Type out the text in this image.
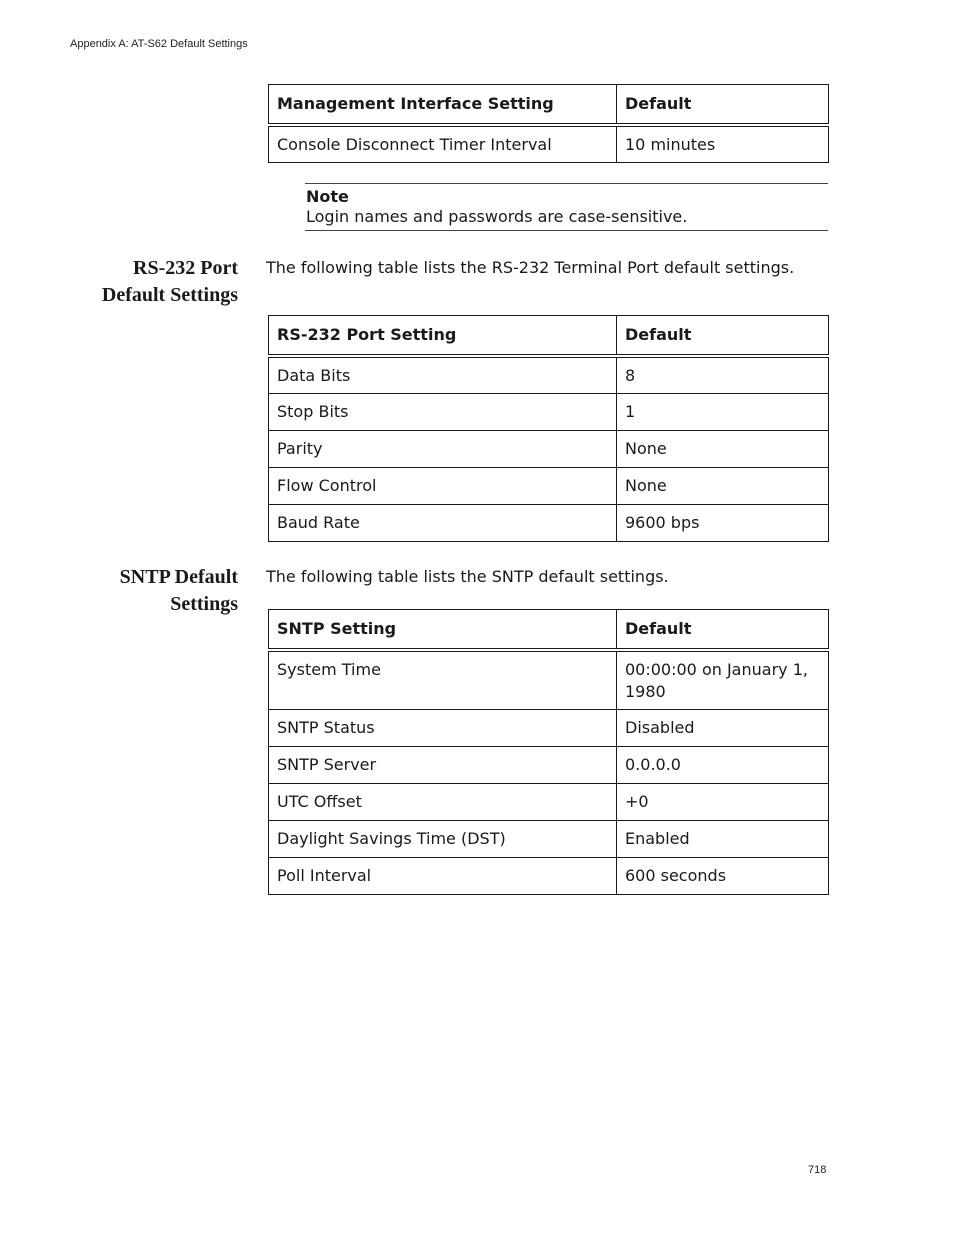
Appendix A: AT-S62 Default Settings
Management Interface Setting	Default
Console Disconnect Timer Interval	10 minutes
Note
Login names and passwords are case-sensitive.
RS-232 Port
Default Settings
The following table lists the RS-232 Terminal Port default settings.
RS-232 Port Setting	Default
Data Bits	8
Stop Bits	1
Parity	None
Flow Control	None
Baud Rate	9600 bps
SNTP Default
Settings
The following table lists the SNTP default settings.
SNTP Setting	Default
System Time	00:00:00 on January 1, 1980
SNTP Status	Disabled
SNTP Server	0.0.0.0
UTC Offset	+0
Daylight Savings Time (DST)	Enabled
Poll Interval	600 seconds
718
